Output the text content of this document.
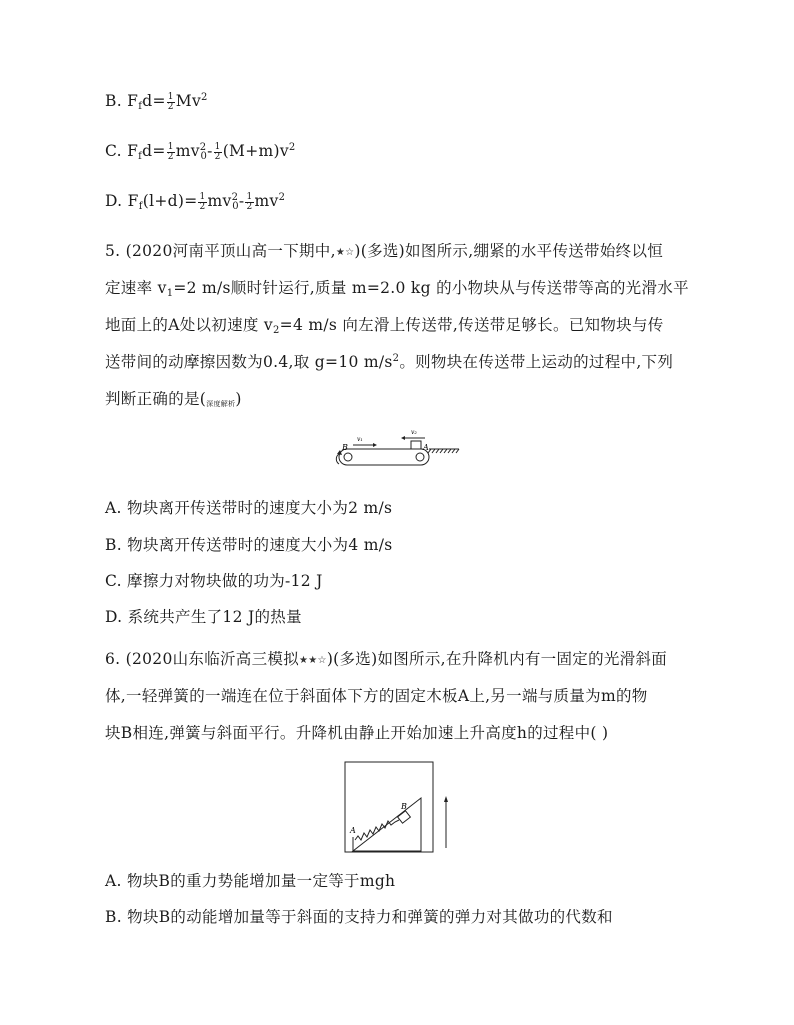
B. $F_fd= \frac{1}{2} Mv^2$
C. $F_fd= \frac{1}{2} mv^2_0- \frac{1}{2} (M+m)v^2$
D. $F_f(l+d)= \frac{1}{2} mv^2_0- \frac{1}{2} mv^2$
5. (2020河南平顶山高一下期中,★☆)(多选)如图所示,绷紧的水平传送带始终以恒
定速率 $v_1=2$ m/s顺时针运行,质量 m=2.0 kg 的小物块从与传送带等高的光滑水平
地面上的A处以初速度 $v_2=4$ m/s 向左滑上传送带,传送带足够长。已知物块与传
送带间的动摩擦因数为0.4,取 g=10 $m/s^2$。则物块在传送带上运动的过程中,下列
判断正确的是(深度解析)
B	A
v₁
v₂
A. 物块离开传送带时的速度大小为2 m/s
B. 物块离开传送带时的速度大小为4 m/s
C. 摩擦力对物块做的功为-12 J
D. 系统共产生了12 J的热量
6. (2020山东临沂高三模拟★★☆)(多选)如图所示,在升降机内有一固定的光滑斜面
体,一轻弹簧的一端连在位于斜面体下方的固定木板A上,另一端与质量为m的物
块B相连,弹簧与斜面平行。升降机由静止开始加速上升高度h的过程中( )
A
B
A. 物块B的重力势能增加量一定等于mgh
B. 物块B的动能增加量等于斜面的支持力和弹簧的弹力对其做功的代数和
